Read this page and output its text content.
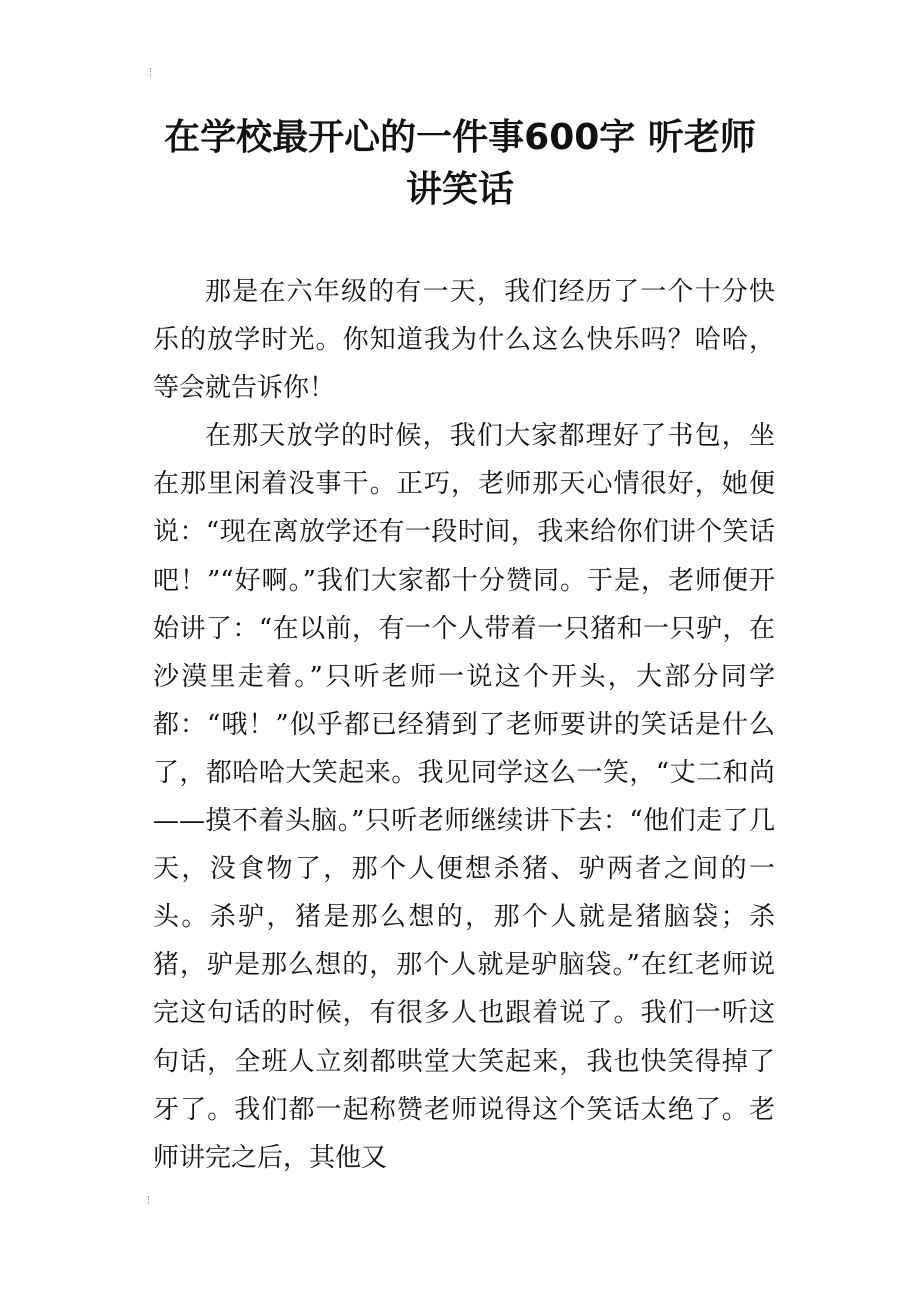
在学校最开心的一件事600字 听老师
讲笑话

那是在六年级的有一天，我们经历了一个十分快乐的放学时光。你知道我为什么这么快乐吗？哈哈，等会就告诉你！

在那天放学的时候，我们大家都理好了书包，坐在那里闲着没事干。正巧，老师那天心情很好，她便说：“现在离放学还有一段时间，我来给你们讲个笑话吧！”“好啊。”我们大家都十分赞同。于是，老师便开始讲了：“在以前，有一个人带着一只猪和一只驴，在沙漠里走着。”只听老师一说这个开头，大部分同学都：“哦！”似乎都已经猜到了老师要讲的笑话是什么了，都哈哈大笑起来。我见同学这么一笑，“丈二和尚——摸不着头脑。”只听老师继续讲下去：“他们走了几天，没食物了，那个人便想杀猪、驴两者之间的一头。杀驴，猪是那么想的，那个人就是猪脑袋；杀猪，驴是那么想的，那个人就是驴脑袋。”在红老师说完这句话的时候，有很多人也跟着说了。我们一听这句话，全班人立刻都哄堂大笑起来，我也快笑得掉了牙了。我们都一起称赞老师说得这个笑话太绝了。老师讲完之后，其他又
